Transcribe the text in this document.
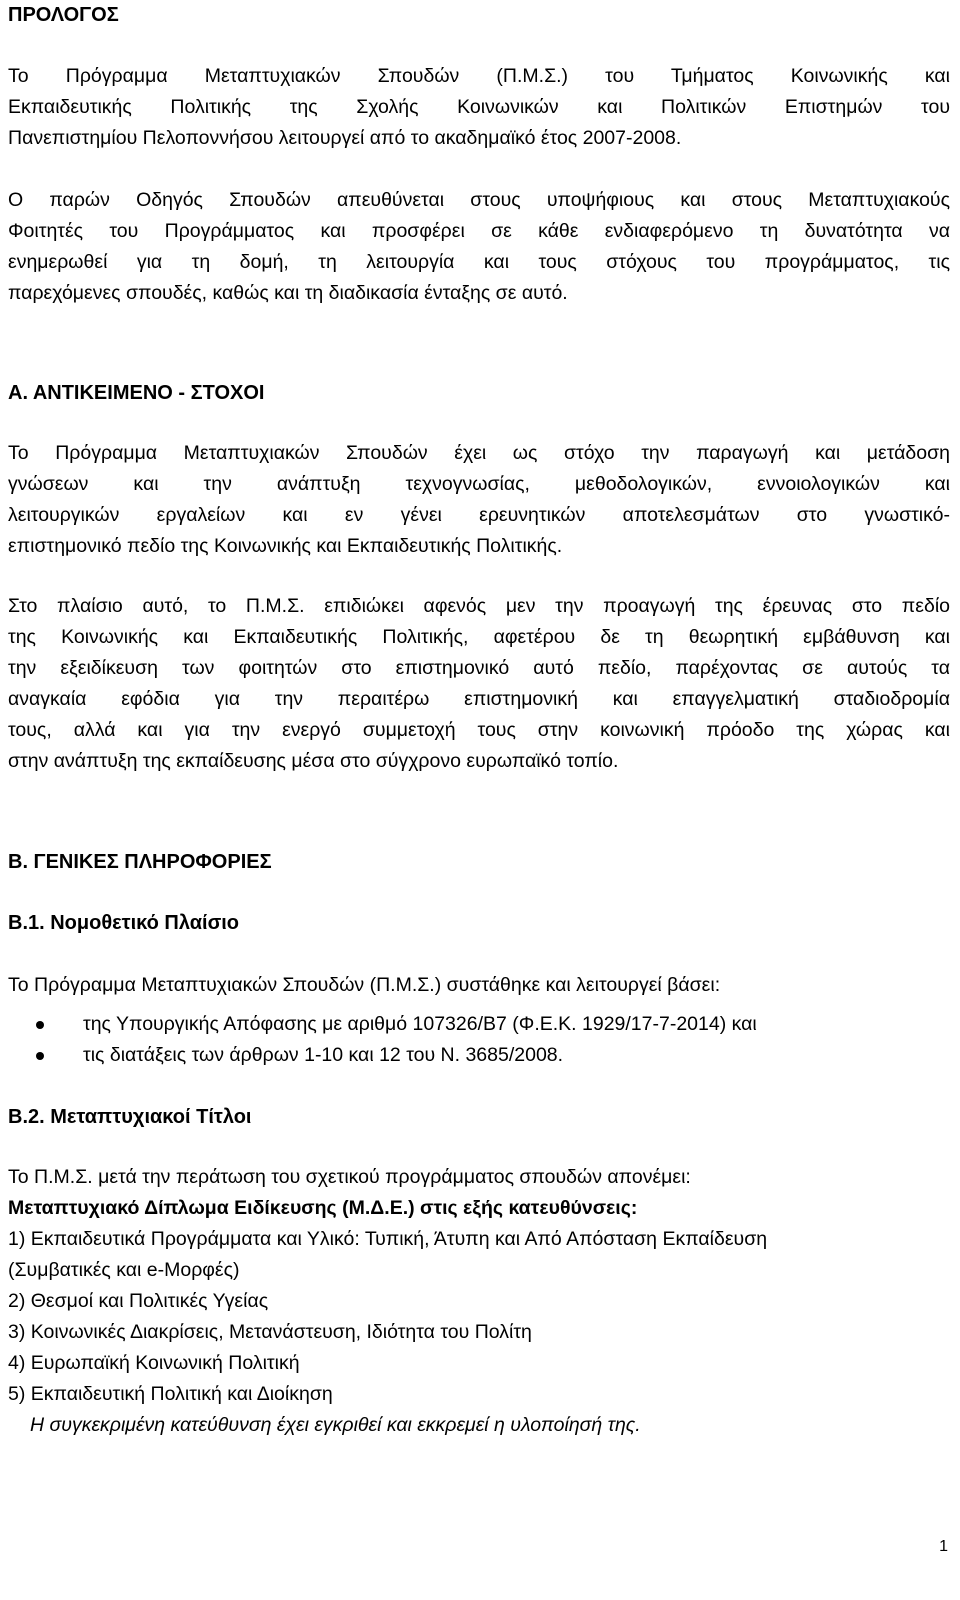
ΠΡΟΛΟΓΟΣ
Το Πρόγραμμα Μεταπτυχιακών Σπουδών (Π.Μ.Σ.) του Τμήματος Κοινωνικής και
Εκπαιδευτικής Πολιτικής της Σχολής Κοινωνικών και Πολιτικών Επιστημών του
Πανεπιστημίου Πελοποννήσου λειτουργεί από το ακαδημαϊκό έτος 2007-2008.
Ο παρών Οδηγός Σπουδών απευθύνεται στους υποψήφιους και στους Μεταπτυχιακούς
Φοιτητές του Προγράμματος και προσφέρει σε κάθε ενδιαφερόμενο τη δυνατότητα να
ενημερωθεί για τη δομή, τη λειτουργία και τους στόχους του προγράμματος, τις
παρεχόμενες σπουδές, καθώς και τη διαδικασία ένταξης σε αυτό.
Α. ΑΝΤΙΚΕΙΜΕΝΟ - ΣΤΟΧΟΙ
Το Πρόγραμμα Μεταπτυχιακών Σπουδών έχει ως στόχο την παραγωγή και μετάδοση
γνώσεων και την ανάπτυξη τεχνογνωσίας, μεθοδολογικών, εννοιολογικών και
λειτουργικών εργαλείων και εν γένει ερευνητικών αποτελεσμάτων στο γνωστικό-
επιστημονικό πεδίο της Κοινωνικής και Εκπαιδευτικής Πολιτικής.
Στο πλαίσιο αυτό, το Π.Μ.Σ. επιδιώκει αφενός μεν την προαγωγή της έρευνας στο πεδίο
της Κοινωνικής και Εκπαιδευτικής Πολιτικής, αφετέρου δε τη θεωρητική εμβάθυνση και
την εξειδίκευση των φοιτητών στο επιστημονικό αυτό πεδίο, παρέχοντας σε αυτούς τα
αναγκαία εφόδια για την περαιτέρω επιστημονική και επαγγελματική σταδιοδρομία
τους, αλλά και για την ενεργό συμμετοχή τους στην κοινωνική πρόοδο της χώρας και
στην ανάπτυξη της εκπαίδευσης μέσα στο σύγχρονο ευρωπαϊκό τοπίο.
Β. ΓΕΝΙΚΕΣ ΠΛΗΡΟΦΟΡΙΕΣ
Β.1. Νομοθετικό Πλαίσιο
Το Πρόγραμμα Μεταπτυχιακών Σπουδών (Π.Μ.Σ.) συστάθηκε και λειτουργεί βάσει:
της Υπουργικής Απόφασης με αριθμό 107326/Β7 (Φ.Ε.Κ. 1929/17-7-2014) και
τις διατάξεις των άρθρων 1-10 και 12 του Ν. 3685/2008.
Β.2. Μεταπτυχιακοί Τίτλοι
Το Π.Μ.Σ. μετά την περάτωση του σχετικού προγράμματος σπουδών απονέμει:
Μεταπτυχιακό Δίπλωμα Ειδίκευσης (Μ.Δ.Ε.) στις εξής κατευθύνσεις:
1) Εκπαιδευτικά Προγράμματα και Υλικό: Τυπική, Άτυπη και Από Απόσταση Εκπαίδευση
(Συμβατικές και e-Μορφές)
2) Θεσμοί και Πολιτικές Υγείας
3) Κοινωνικές Διακρίσεις, Μετανάστευση, Ιδιότητα του Πολίτη
4) Ευρωπαϊκή Κοινωνική Πολιτική
5) Εκπαιδευτική Πολιτική και Διοίκηση
Η συγκεκριμένη κατεύθυνση έχει εγκριθεί και εκκρεμεί η υλοποίησή της.
1
